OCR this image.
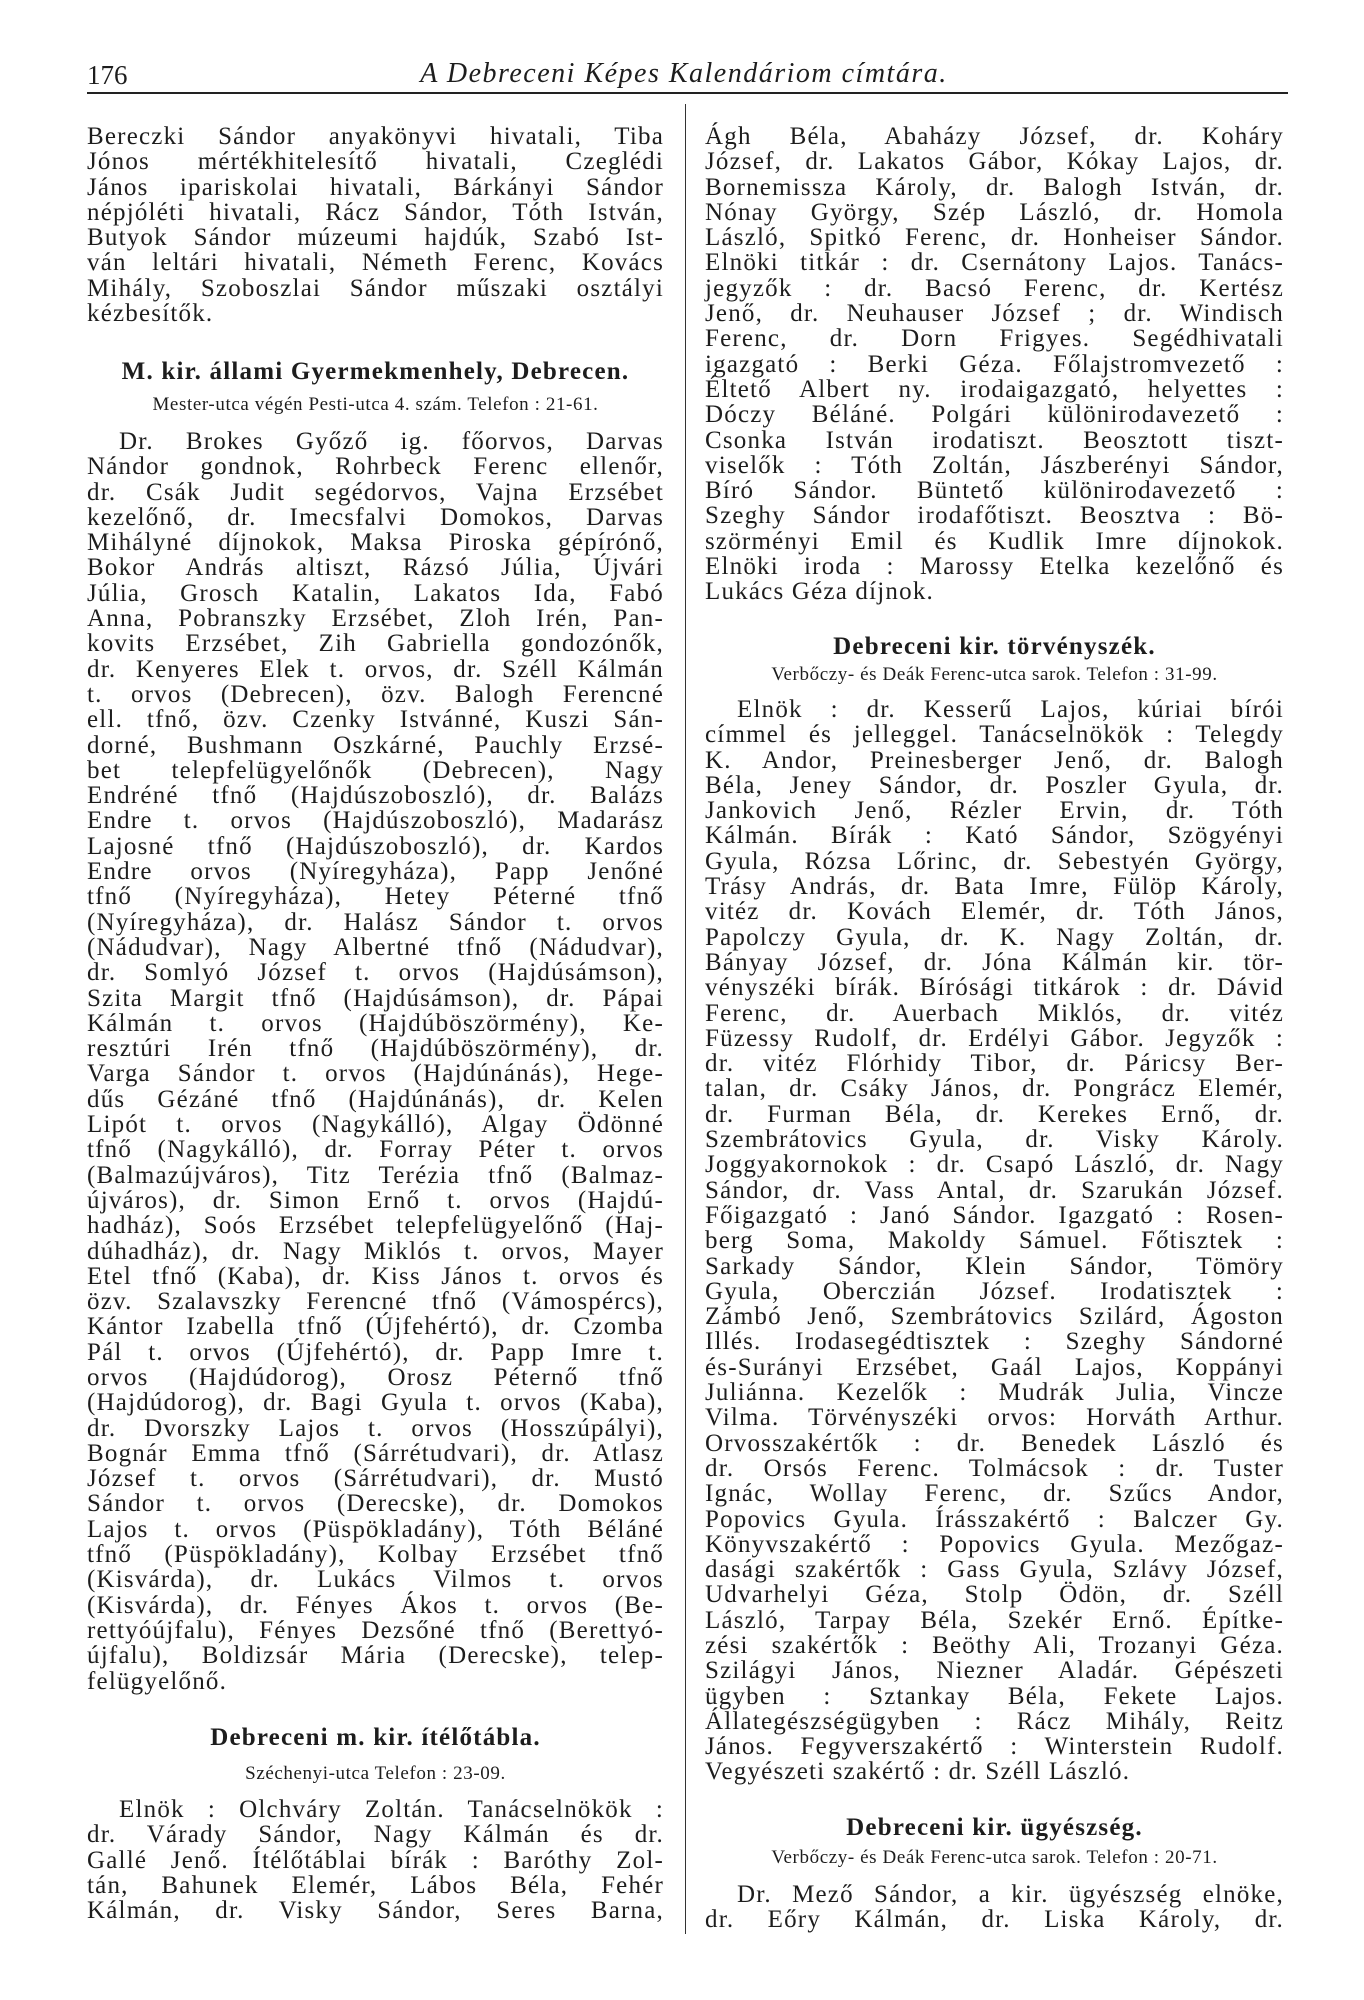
176	A Debreceni Képes Kalendáriom címtára.
Bereczki Sándor anyakönyvi hivatali, Tiba
Jónos mértékhitelesítő hivatali, Czeglédi
János ipariskolai hivatali, Bárkányi Sándor
népjóléti hivatali, Rácz Sándor, Tóth István,
Butyok Sándor múzeumi hajdúk, Szabó Ist-
ván leltári hivatali, Németh Ferenc, Kovács
Mihály, Szoboszlai Sándor műszaki osztályi
kézbesítők.
M. kir. állami Gyermekmenhely, Debrecen.
Mester-utca végén Pesti-utca 4. szám. Telefon : 21-61.
Dr. Brokes Győző ig. főorvos, Darvas
Nándor gondnok, Rohrbeck Ferenc ellenőr,
dr. Csák Judit segédorvos, Vajna Erzsébet
kezelőnő, dr. Imecsfalvi Domokos, Darvas
Mihályné díjnokok, Maksa Piroska gépírónő,
Bokor András altiszt, Rázsó Júlia, Újvári
Júlia, Grosch Katalin, Lakatos Ida, Fabó
Anna, Pobranszky Erzsébet, Zloh Irén, Pan-
kovits Erzsébet, Zih Gabriella gondozónők,
dr. Kenyeres Elek t. orvos, dr. Széll Kálmán
t. orvos (Debrecen), özv. Balogh Ferencné
ell. tfnő, özv. Czenky Istvánné, Kuszi Sán-
dorné, Bushmann Oszkárné, Pauchly Erzsé-
bet telepfelügyelőnők (Debrecen), Nagy
Endréné tfnő (Hajdúszoboszló), dr. Balázs
Endre t. orvos (Hajdúszoboszló), Madarász
Lajosné tfnő (Hajdúszoboszló), dr. Kardos
Endre orvos (Nyíregyháza), Papp Jenőné
tfnő (Nyíregyháza), Hetey Péterné tfnő
(Nyíregyháza), dr. Halász Sándor t. orvos
(Nádudvar), Nagy Albertné tfnő (Nádudvar),
dr. Somlyó József t. orvos (Hajdúsámson),
Szita Margit tfnő (Hajdúsámson), dr. Pápai
Kálmán t. orvos (Hajdúböszörmény), Ke-
resztúri Irén tfnő (Hajdúböszörmény), dr.
Varga Sándor t. orvos (Hajdúnánás), Hege-
dűs Gézáné tfnő (Hajdúnánás), dr. Kelen
Lipót t. orvos (Nagykálló), Algay Ödönné
tfnő (Nagykálló), dr. Forray Péter t. orvos
(Balmazújváros), Titz Terézia tfnő (Balmaz-
újváros), dr. Simon Ernő t. orvos (Hajdú-
hadház), Soós Erzsébet telepfelügyelőnő (Haj-
dúhadház), dr. Nagy Miklós t. orvos, Mayer
Etel tfnő (Kaba), dr. Kiss János t. orvos és
özv. Szalavszky Ferencné tfnő (Vámospércs),
Kántor Izabella tfnő (Újfehértó), dr. Czomba
Pál t. orvos (Újfehértó), dr. Papp Imre t.
orvos (Hajdúdorog), Orosz Péternő tfnő
(Hajdúdorog), dr. Bagi Gyula t. orvos (Kaba),
dr. Dvorszky Lajos t. orvos (Hosszúpályi),
Bognár Emma tfnő (Sárrétudvari), dr. Atlasz
József t. orvos (Sárrétudvari), dr. Mustó
Sándor t. orvos (Derecske), dr. Domokos
Lajos t. orvos (Püspökladány), Tóth Béláné
tfnő (Püspökladány), Kolbay Erzsébet tfnő
(Kisvárda), dr. Lukács Vilmos t. orvos
(Kisvárda), dr. Fényes Ákos t. orvos (Be-
rettyóújfalu), Fényes Dezsőné tfnő (Berettyó-
újfalu), Boldizsár Mária (Derecske), telep-
felügyelőnő.
Debreceni m. kir. ítélőtábla.
Széchenyi-utca Telefon : 23-09.
Elnök : Olchváry Zoltán. Tanácselnökök :
dr. Várady Sándor, Nagy Kálmán és dr.
Gallé Jenő. Ítélőtáblai bírák : Baróthy Zol-
tán, Bahunek Elemér, Lábos Béla, Fehér
Kálmán, dr. Visky Sándor, Seres Barna,
Ágh Béla, Abaházy József, dr. Koháry
József, dr. Lakatos Gábor, Kókay Lajos, dr.
Bornemissza Károly, dr. Balogh István, dr.
Nónay György, Szép László, dr. Homola
László, Spitkó Ferenc, dr. Honheiser Sándor.
Elnöki titkár : dr. Csernátony Lajos. Tanács-
jegyzők : dr. Bacsó Ferenc, dr. Kertész
Jenő, dr. Neuhauser József ; dr. Windisch
Ferenc, dr. Dorn Frigyes. Segédhivatali
igazgató : Berki Géza. Főlajstromvezető :
Éltető Albert ny. irodaigazgató, helyettes :
Dóczy Béláné. Polgári különirodavezető :
Csonka István irodatiszt. Beosztott tiszt-
viselők : Tóth Zoltán, Jászberényi Sándor,
Bíró Sándor. Büntető különirodavezető :
Szeghy Sándor irodafőtiszt. Beosztva : Bö-
szörményi Emil és Kudlik Imre díjnokok.
Elnöki iroda : Marossy Etelka kezelőnő és
Lukács Géza díjnok.
Debreceni kir. törvényszék.
Verbőczy- és Deák Ferenc-utca sarok. Telefon : 31-99.
Elnök : dr. Kesserű Lajos, kúriai bírói
címmel és jelleggel. Tanácselnökök : Telegdy
K. Andor, Preinesberger Jenő, dr. Balogh
Béla, Jeney Sándor, dr. Poszler Gyula, dr.
Jankovich Jenő, Rézler Ervin, dr. Tóth
Kálmán. Bírák : Kató Sándor, Szögyényi
Gyula, Rózsa Lőrinc, dr. Sebestyén György,
Trásy András, dr. Bata Imre, Fülöp Károly,
vitéz dr. Kovách Elemér, dr. Tóth János,
Papolczy Gyula, dr. K. Nagy Zoltán, dr.
Bányay József, dr. Jóna Kálmán kir. tör-
vényszéki bírák. Bírósági titkárok : dr. Dávid
Ferenc, dr. Auerbach Miklós, dr. vitéz
Füzessy Rudolf, dr. Erdélyi Gábor. Jegyzők :
dr. vitéz Flórhidy Tibor, dr. Páricsy Ber-
talan, dr. Csáky János, dr. Pongrácz Elemér,
dr. Furman Béla, dr. Kerekes Ernő, dr.
Szembrátovics Gyula, dr. Visky Károly.
Joggyakornokok : dr. Csapó László, dr. Nagy
Sándor, dr. Vass Antal, dr. Szarukán József.
Főigazgató : Janó Sándor. Igazgató : Rosen-
berg Soma, Makoldy Sámuel. Főtisztek :
Sarkady Sándor, Klein Sándor, Tömöry
Gyula, Oberczián József. Irodatisztek :
Zámbó Jenő, Szembrátovics Szilárd, Ágoston
Illés. Irodasegédtisztek : Szeghy Sándorné
és-Surányi Erzsébet, Gaál Lajos, Koppányi
Juliánna. Kezelők : Mudrák Julia, Vincze
Vilma. Törvényszéki orvos: Horváth Arthur.
Orvosszakértők : dr. Benedek László és
dr. Orsós Ferenc. Tolmácsok : dr. Tuster
Ignác, Wollay Ferenc, dr. Szűcs Andor,
Popovics Gyula. Írásszakértő : Balczer Gy.
Könyvszakértő : Popovics Gyula. Mezőgaz-
dasági szakértők : Gass Gyula, Szlávy József,
Udvarhelyi Géza, Stolp Ödön, dr. Széll
László, Tarpay Béla, Szekér Ernő. Építke-
zési szakértők : Beöthy Ali, Trozanyi Géza.
Szilágyi János, Niezner Aladár. Gépészeti
ügyben : Sztankay Béla, Fekete Lajos.
Állategészségügyben : Rácz Mihály, Reitz
János. Fegyverszakértő : Winterstein Rudolf.
Vegyészeti szakértő : dr. Széll László.
Debreceni kir. ügyészség.
Verbőczy- és Deák Ferenc-utca sarok. Telefon : 20-71.
Dr. Mező Sándor, a kir. ügyészség elnöke,
dr. Eőry Kálmán, dr. Liska Károly, dr.
